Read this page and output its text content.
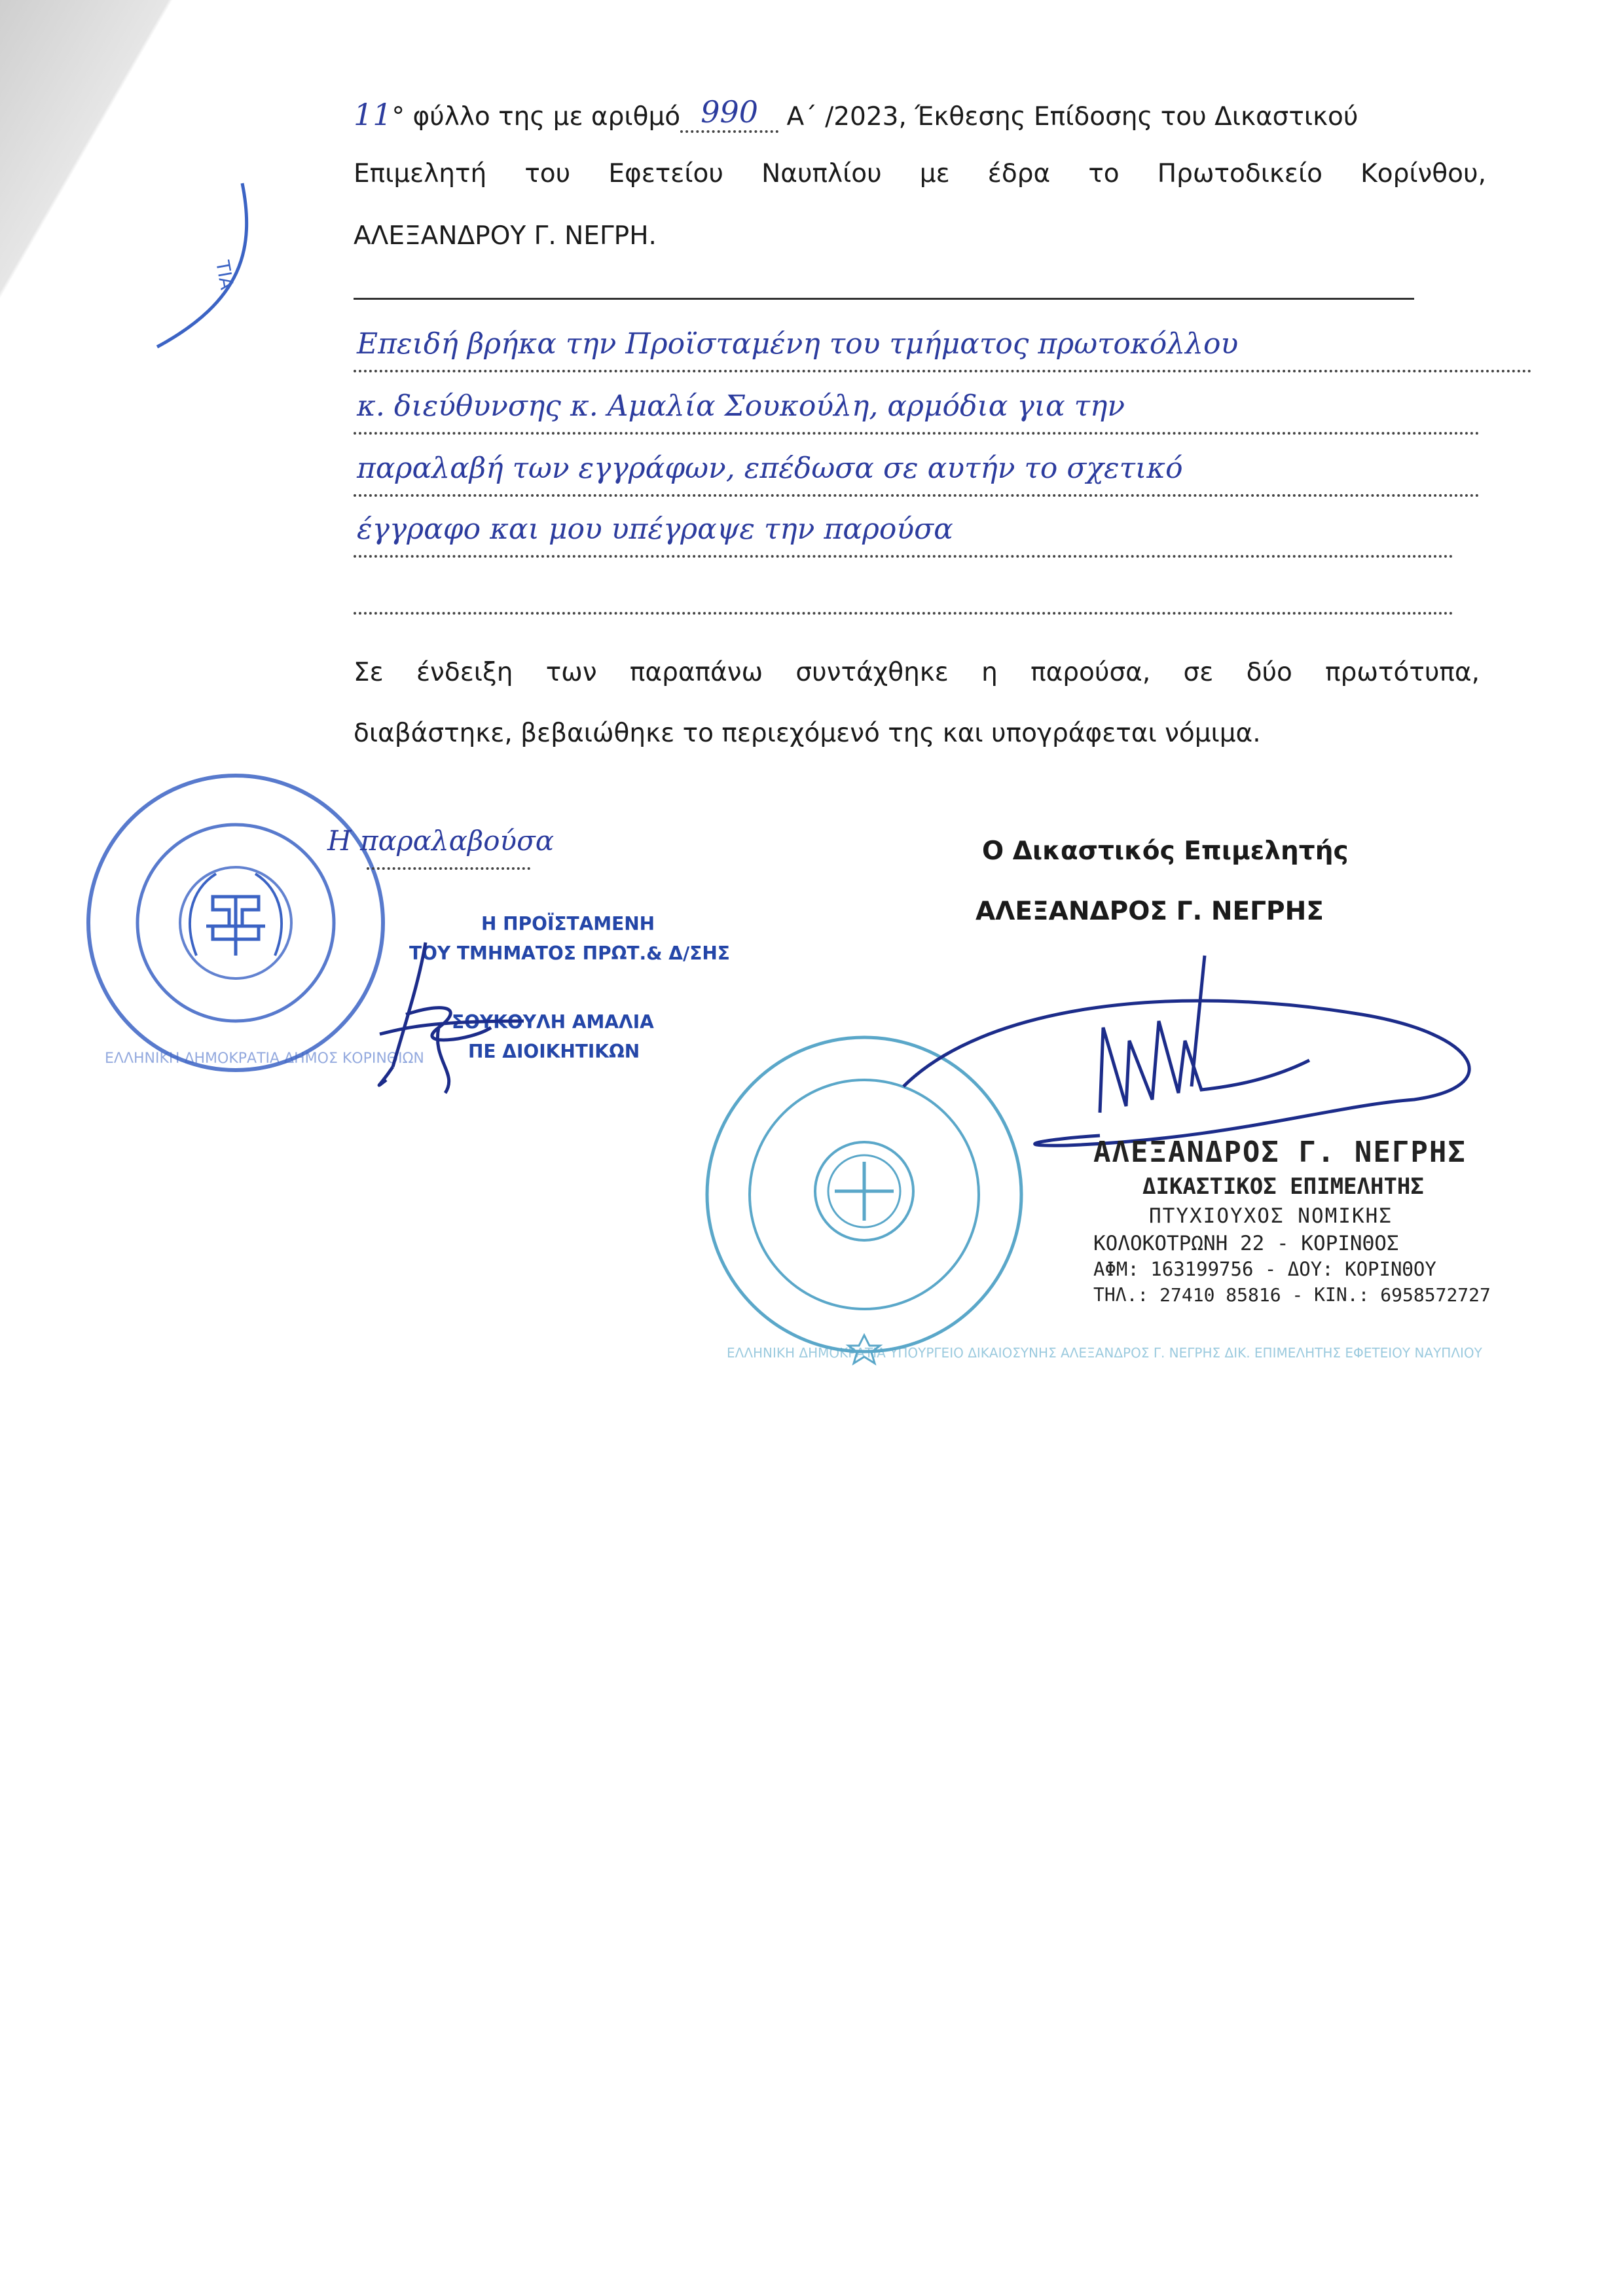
ΤΙΑ
11° φύλλο της με αριθμό 990 Α΄ /2023, Έκθεσης Επίδοσης του Δικαστικού
Επιμελητή του Εφετείου Ναυπλίου με έδρα το Πρωτοδικείο Κορίνθου,
ΑΛΕΞΑΝΔΡΟΥ Γ. ΝΕΓΡΗ.
Επειδή βρήκα την Προϊσταμένη του τμήματος πρωτοκόλλου
κ. διεύθυνσης κ. Αμαλία Σουκούλη, αρμόδια για την
παραλαβή των εγγράφων, επέδωσα σε αυτήν το σχετικό
έγγραφο και μου υπέγραψε την παρούσα
Σε ένδειξη των παραπάνω συντάχθηκε η παρούσα, σε δύο πρωτότυπα,
διαβάστηκε, βεβαιώθηκε το περιεχόμενό της και υπογράφεται νόμιμα.
ΕΛΛΗΝΙΚΗ ΔΗΜΟΚΡΑΤΙΑ ΔΗΜΟΣ ΚΟΡΙΝΘΙΩΝ
Η παραλαβούσα
Η ΠΡΟΪΣΤΑΜΕΝΗ
ΤΟΥ ΤΜΗΜΑΤΟΣ ΠΡΩΤ.& Δ/ΣΗΣ
ΣΟΥΚΟΥΛΗ ΑΜΑΛΙΑ
ΠΕ ΔΙΟΙΚΗΤΙΚΩΝ
Ο Δικαστικός Επιμελητής
ΑΛΕΞΑΝΔΡΟΣ Γ. ΝΕΓΡΗΣ
ΕΛΛΗΝΙΚΗ ΔΗΜΟΚΡΑΤΙΑ ΥΠΟΥΡΓΕΙΟ ΔΙΚΑΙΟΣΥΝΗΣ ΑΛΕΞΑΝΔΡΟΣ Γ. ΝΕΓΡΗΣ ΔΙΚ. ΕΠΙΜΕΛΗΤΗΣ ΕΦΕΤΕΙΟΥ ΝΑΥΠΛΙΟΥ
ΑΛΕΞΑΝΔΡΟΣ Γ. ΝΕΓΡΗΣ
ΔΙΚΑΣΤΙΚΟΣ ΕΠΙΜΕΛΗΤΗΣ
ΠΤΥΧΙΟΥΧΟΣ ΝΟΜΙΚΗΣ
ΚΟΛΟΚΟΤΡΩΝΗ 22 - ΚΟΡΙΝΘΟΣ
ΑΦΜ: 163199756 - ΔΟΥ: ΚΟΡΙΝΘΟΥ
ΤΗΛ.: 27410 85816 - ΚΙΝ.: 6958572727
